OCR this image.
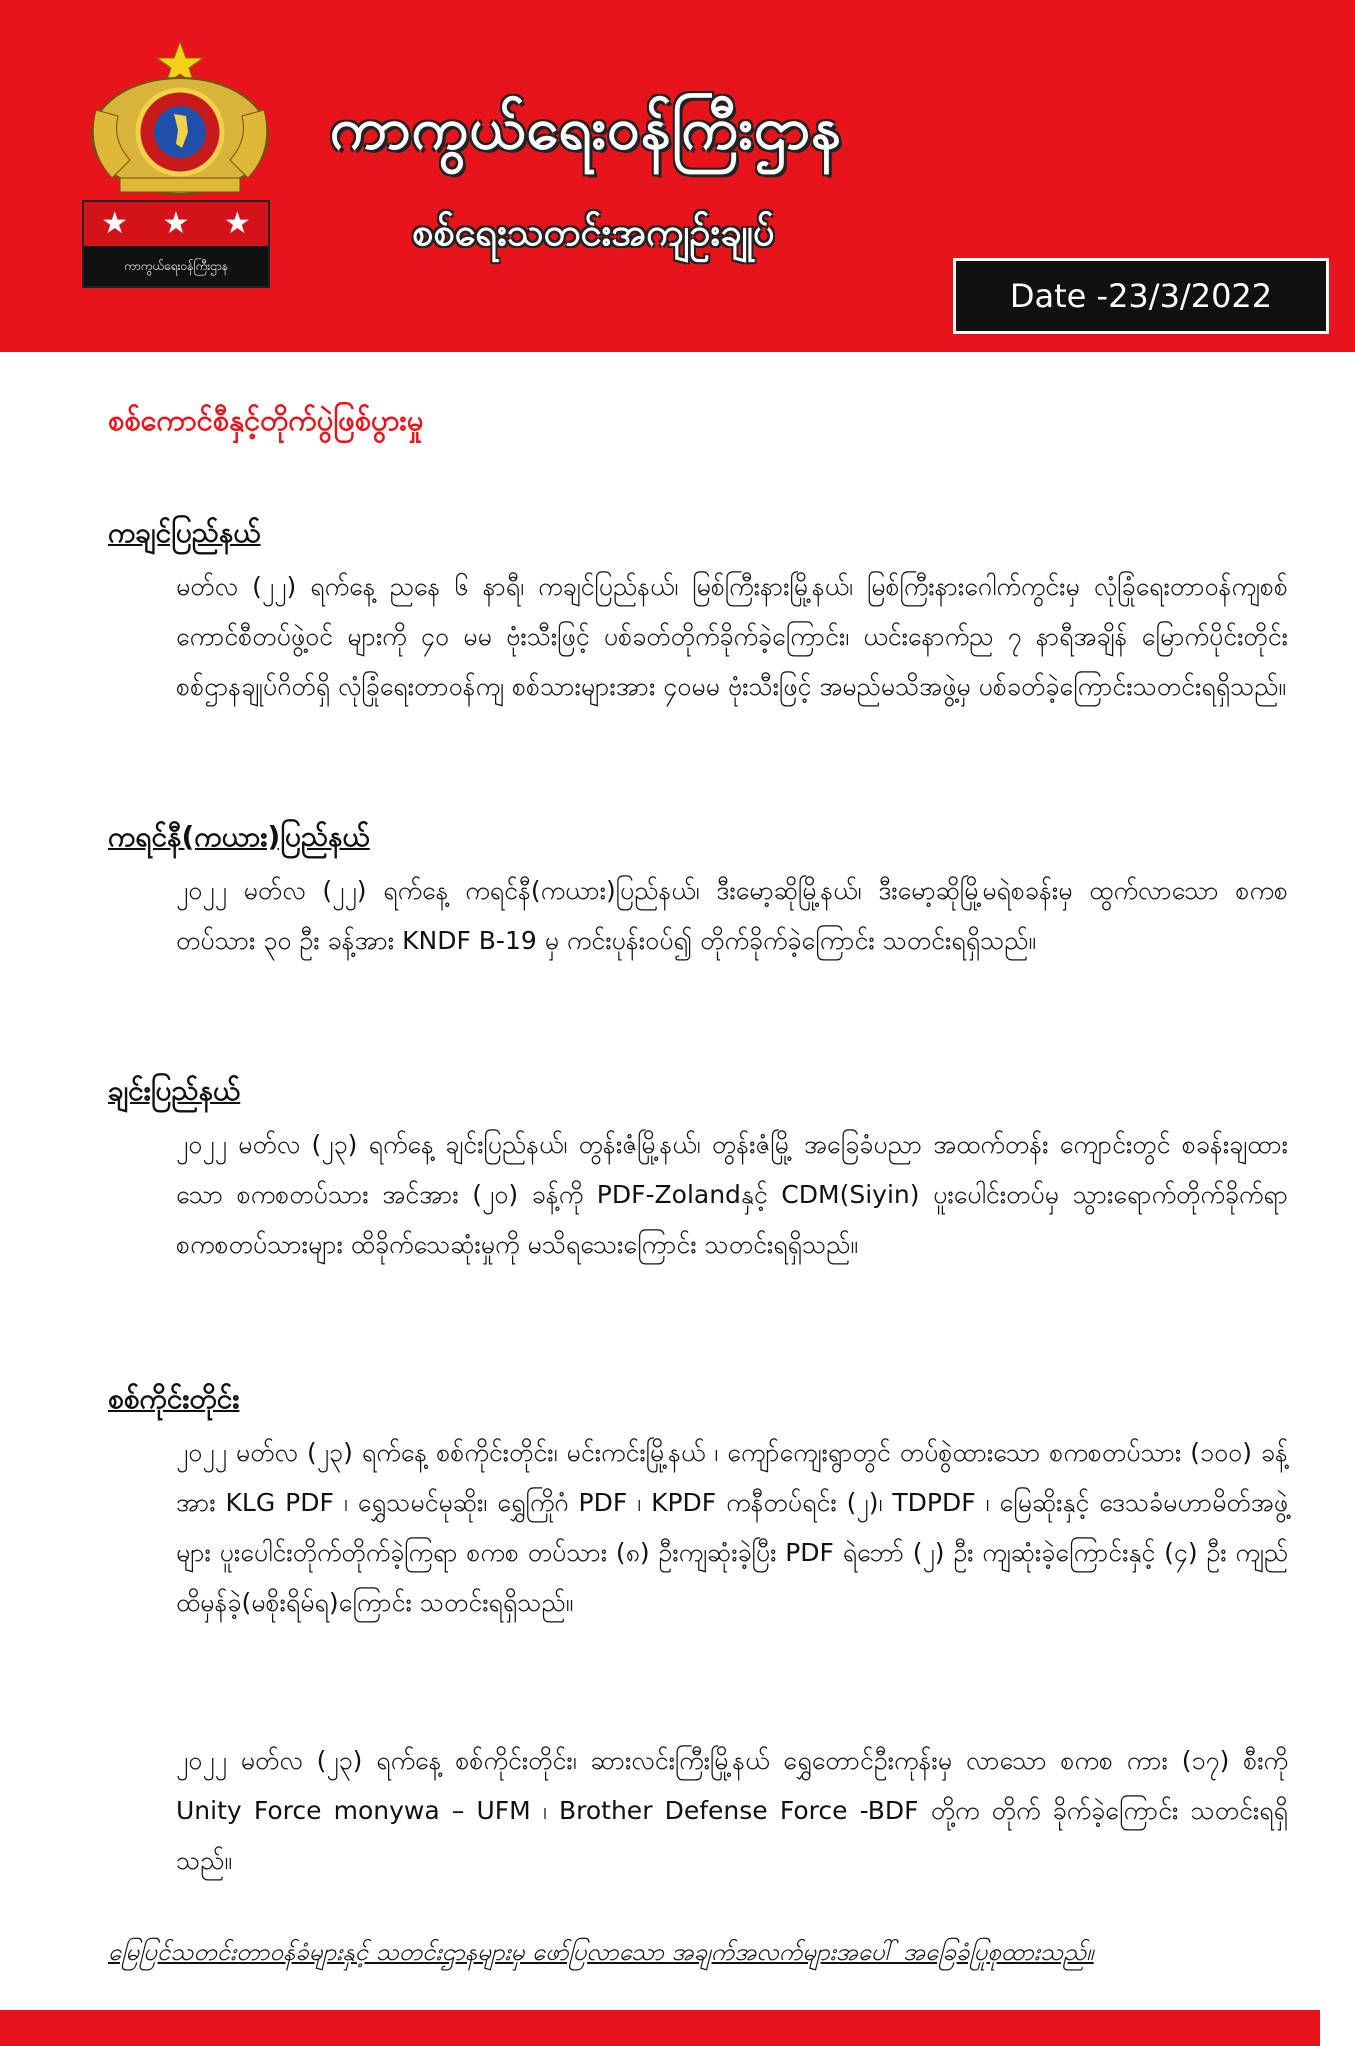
★ ★ ★
ကာကွယ်ရေးဝန်ကြီးဌာန
ကာကွယ်ရေးဝန်ကြီးဌာန
စစ်ရေးသတင်းအကျဉ်းချုပ်
Date -23/3/2022
စစ်ကောင်စီနှင့်တိုက်ပွဲဖြစ်ပွားမှု
ကချင်ပြည်နယ်
မတ်လ (၂၂) ရက်နေ့ ညနေ ၆ နာရီ၊ ကချင်ပြည်နယ်၊ မြစ်ကြီးနားမြို့နယ်၊ မြစ်ကြီးနားဂေါက်ကွင်းမှ လုံခြုံရေးတာဝန်ကျစစ်ကောင်စီတပ်ဖွဲ့ဝင် များကို ၄၀ မမ ဗုံးသီးဖြင့် ပစ်ခတ်တိုက်ခိုက်ခဲ့ကြောင်း၊ ယင်းနောက်ည ၇ နာရီအချိန် မြောက်ပိုင်းတိုင်းစစ်ဌာနချုပ်ဂိတ်ရှိ လုံခြုံရေးတာဝန်ကျ စစ်သားများအား ၄၀မမ ဗုံးသီးဖြင့် အမည်မသိအဖွဲ့မှ ပစ်ခတ်ခဲ့ကြောင်းသတင်းရရှိသည်။
ကရင်နီ(ကယား)ပြည်နယ်
၂၀၂၂ မတ်လ (၂၂) ရက်နေ့ ကရင်နီ(ကယား)ပြည်နယ်၊ ဒီးမော့ဆိုမြို့နယ်၊ ဒီးမော့ဆိုမြို့မရဲစခန်းမှ ထွက်လာသော စကစတပ်သား ၃၀ ဦး ခန့်အား KNDF B-19 မှ ကင်းပုန်းဝပ်၍ တိုက်ခိုက်ခဲ့ကြောင်း သတင်းရရှိသည်။
ချင်းပြည်နယ်
၂၀၂၂ မတ်လ (၂၃) ရက်နေ့ ချင်းပြည်နယ်၊ တွန်းဇံမြို့နယ်၊ တွန်းဇံမြို့ အခြေခံပညာ အထက်တန်း ကျောင်းတွင် စခန်းချထားသော စကစတပ်သား အင်အား (၂၀) ခန့်ကို PDF-Zolandနှင့် CDM(Siyin) ပူးပေါင်းတပ်မှ သွားရောက်တိုက်ခိုက်ရာ စကစတပ်သားများ ထိခိုက်သေဆုံးမှုကို မသိရသေးကြောင်း သတင်းရရှိသည်။
စစ်ကိုင်းတိုင်း
၂၀၂၂ မတ်လ (၂၃) ရက်နေ့ စစ်ကိုင်းတိုင်း၊ မင်းကင်းမြို့နယ် ၊ ကျော်ကျေးရွာတွင် တပ်စွဲထားသော စကစတပ်သား (၁၀၀) ခန့်အား KLG PDF ၊ ရွှေသမင်မုဆိုး၊ ရွှေကြိုဂံ PDF ၊ KPDF ကနီတပ်ရင်း (၂)၊ TDPDF ၊ မြေဆိုးနှင့် ဒေသခံမဟာမိတ်အဖွဲ့များ ပူးပေါင်းတိုက်တိုက်ခဲ့ကြရာ စကစ တပ်သား (၈) ဦးကျဆုံးခဲ့ပြီး PDF ရဲဘော် (၂) ဦး ကျဆုံးခဲ့ကြောင်းနှင့် (၄) ဦး ကျည်ထိမှန်ခဲ့(မစိုးရိမ်ရ)ကြောင်း သတင်းရရှိသည်။
၂၀၂၂ မတ်လ (၂၃) ရက်နေ့ စစ်ကိုင်းတိုင်း၊ ဆားလင်းကြီးမြို့နယ် ရွှေတောင်ဦးကုန်းမှ လာသော စကစ ကား (၁၇) စီးကို Unity Force monywa – UFM ၊ Brother Defense Force -BDF တို့က တိုက် ခိုက်ခဲ့ကြောင်း သတင်းရရှိသည်။
မြေပြင်သတင်းတာဝန်ခံများနှင့် သတင်းဌာနများမှ ဖော်ပြလာသော အချက်အလက်များအပေါ် အခြေခံပြုစုထားသည်။
